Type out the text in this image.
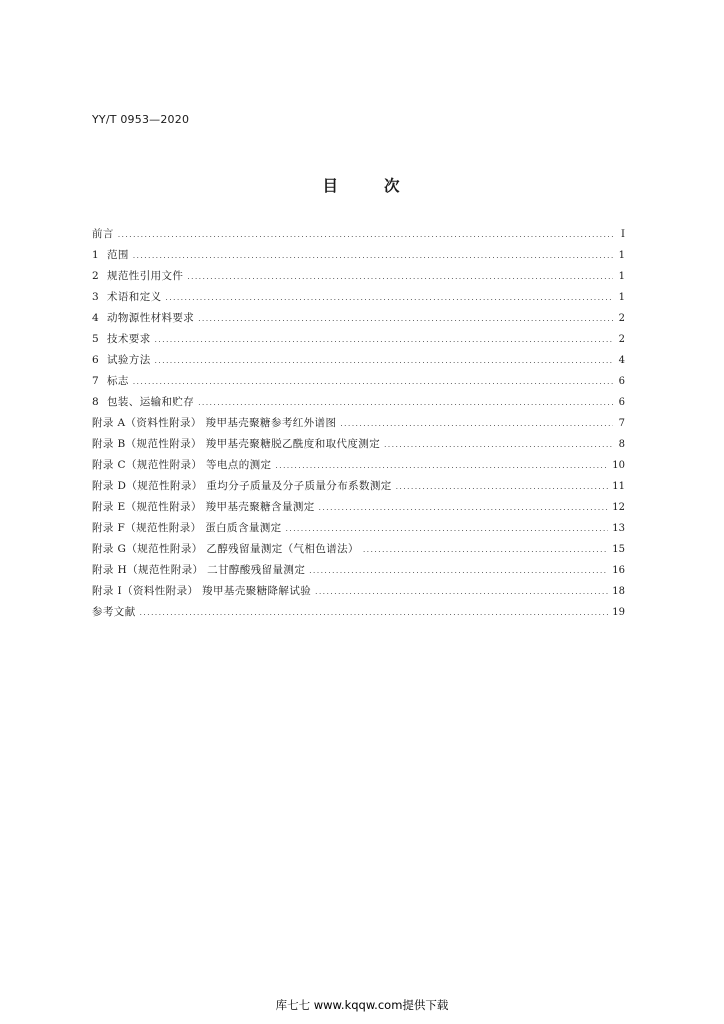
YY/T 0953—2020
目	次
前言 .....	Ⅰ
1 范围 .....	1
2 规范性引用文件 .....	1
3 术语和定义 .....	1
4 动物源性材料要求 .....	2
5 技术要求 .....	2
6 试验方法 .....	4
7 标志 .....	6
8 包装、运输和贮存 .....	6
附录 A（资料性附录） 羧甲基壳聚糖参考红外谱图 .....	7
附录 B（规范性附录） 羧甲基壳聚糖脱乙酰度和取代度测定 .....	8
附录 C（规范性附录） 等电点的测定 .....	10
附录 D（规范性附录） 重均分子质量及分子质量分布系数测定 .....	11
附录 E（规范性附录） 羧甲基壳聚糖含量测定 .....	12
附录 F（规范性附录） 蛋白质含量测定 .....	13
附录 G（规范性附录） 乙醇残留量测定（气相色谱法） .....	15
附录 H（规范性附录） 二甘醇酸残留量测定 .....	16
附录 I（资料性附录） 羧甲基壳聚糖降解试验 .....	18
参考文献 .....	19
库七七 www.kqqw.com提供下载
